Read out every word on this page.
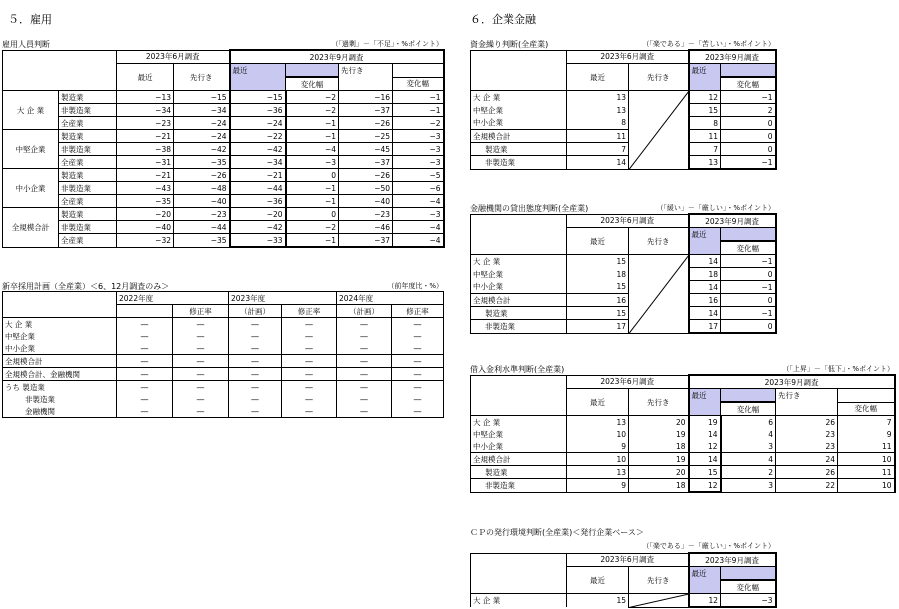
５．雇用	６．企業金融
雇用人員判断	（「過剰」－「不足」・%ポイント）
		2023年6月調査		2023年9月調査			
		最近	先行き	最近		先行き	
					変化幅		変化幅
大 企 業	製造業	−13	−15	−15	−2	−16	−1
	非製造業	−34	−34	−36	−2	−37	−1
	全産業	−23	−24	−24	−1	−26	−2
中堅企業	製造業	−21	−24	−22	−1	−25	−3
	非製造業	−38	−42	−42	−4	−45	−3
	全産業	−31	−35	−34	−3	−37	−3
中小企業	製造業	−21	−26	−21	0	−26	−5
	非製造業	−43	−48	−44	−1	−50	−6
	全産業	−35	−40	−36	−1	−40	−4
全規模合計	製造業	−20	−23	−20	0	−23	−3
	非製造業	−40	−44	−42	−2	−46	−4
	全産業	−32	−35	−33	−1	−37	−4
新卒採用計画（全産業）＜6、12月調査のみ＞	（前年度比・%）
	2022年度		2023年度		2024年度	
		修正率	（計画）	修正率	（計画）	修正率
大 企 業	―	―	―	―	―	―
中堅企業	―	―	―	―	―	―
中小企業	―	―	―	―	―	―
全規模合計	―	―	―	―	―	―
全規模合計、金融機関	―	―	―	―	―	―
うち 製造業	―	―	―	―	―	―
非製造業	―	―	―	―	―	―
金融機関	―	―	―	―	―	―
資金繰り判断(全産業)	（「楽である」－「苦しい」・%ポイント）
	2023年6月調査		2023年9月調査	
	最近	先行き	最近	
				変化幅
大 企 業	13		12	−1
中堅企業	13		15	2
中小企業	8		8	0
全規模合計	11		11	0
製造業	7		7	0
非製造業	14		13	−1
金融機関の貸出態度判断(全産業)	（「緩い」－「厳しい」・%ポイント）
	2023年6月調査		2023年9月調査	
	最近	先行き	最近	
				変化幅
大 企 業	15		14	−1
中堅企業	18		18	0
中小企業	15		14	−1
全規模合計	16		16	0
製造業	15		14	−1
非製造業	17		17	0
借入金利水準判断(全産業)	（「上昇」－「低下」・%ポイント）
	2023年6月調査		2023年9月調査			
	最近	先行き	最近		先行き	
				変化幅		変化幅
大 企 業	13	20	19	6	26	7
中堅企業	10	19	14	4	23	9
中小企業	9	18	12	3	23	11
全規模合計	10	19	14	4	24	10
製造業	13	20	15	2	26	11
非製造業	9	18	12	3	22	10
ＣＰの発行環境判断(全産業)＜発行企業ベース＞
（「楽である」－「厳しい」・%ポイント）
	2023年6月調査		2023年9月調査	
	最近	先行き	最近	
				変化幅
大 企 業	15		12	−3
